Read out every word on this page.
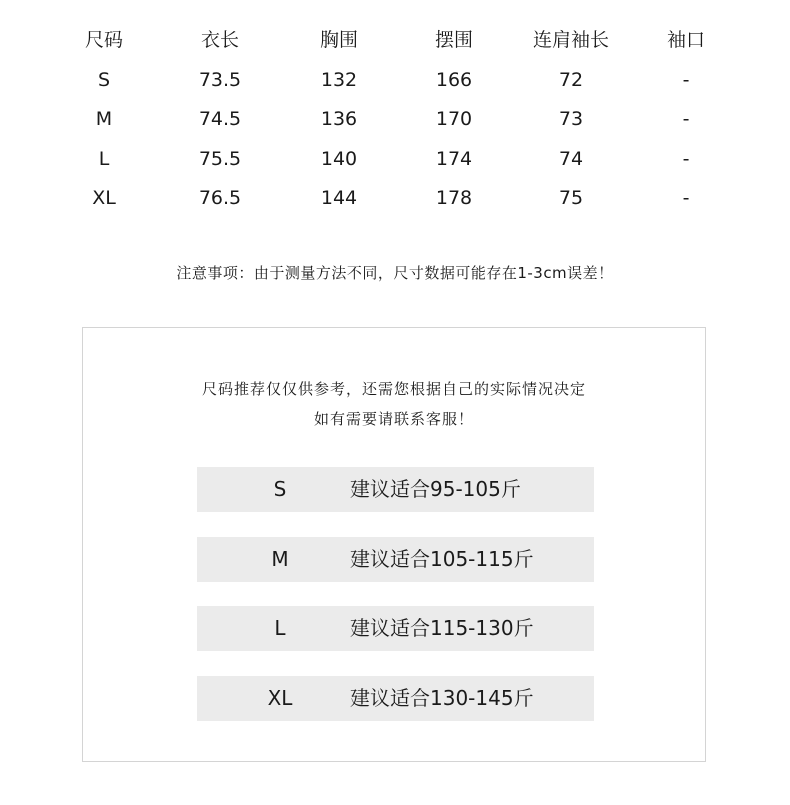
尺码	衣长	胸围	摆围	连肩袖长	袖口
S	73.5	132	166	72	-
M	74.5	136	170	73	-
L	75.5	140	174	74	-
XL	76.5	144	178	75	-
注意事项：由于测量方法不同，尺寸数据可能存在1-3cm误差！
尺码推荐仅仅供参考，还需您根据自己的实际情况决定
如有需要请联系客服！
S	建议适合95-105斤
M	建议适合105-115斤
L	建议适合115-130斤
XL	建议适合130-145斤
